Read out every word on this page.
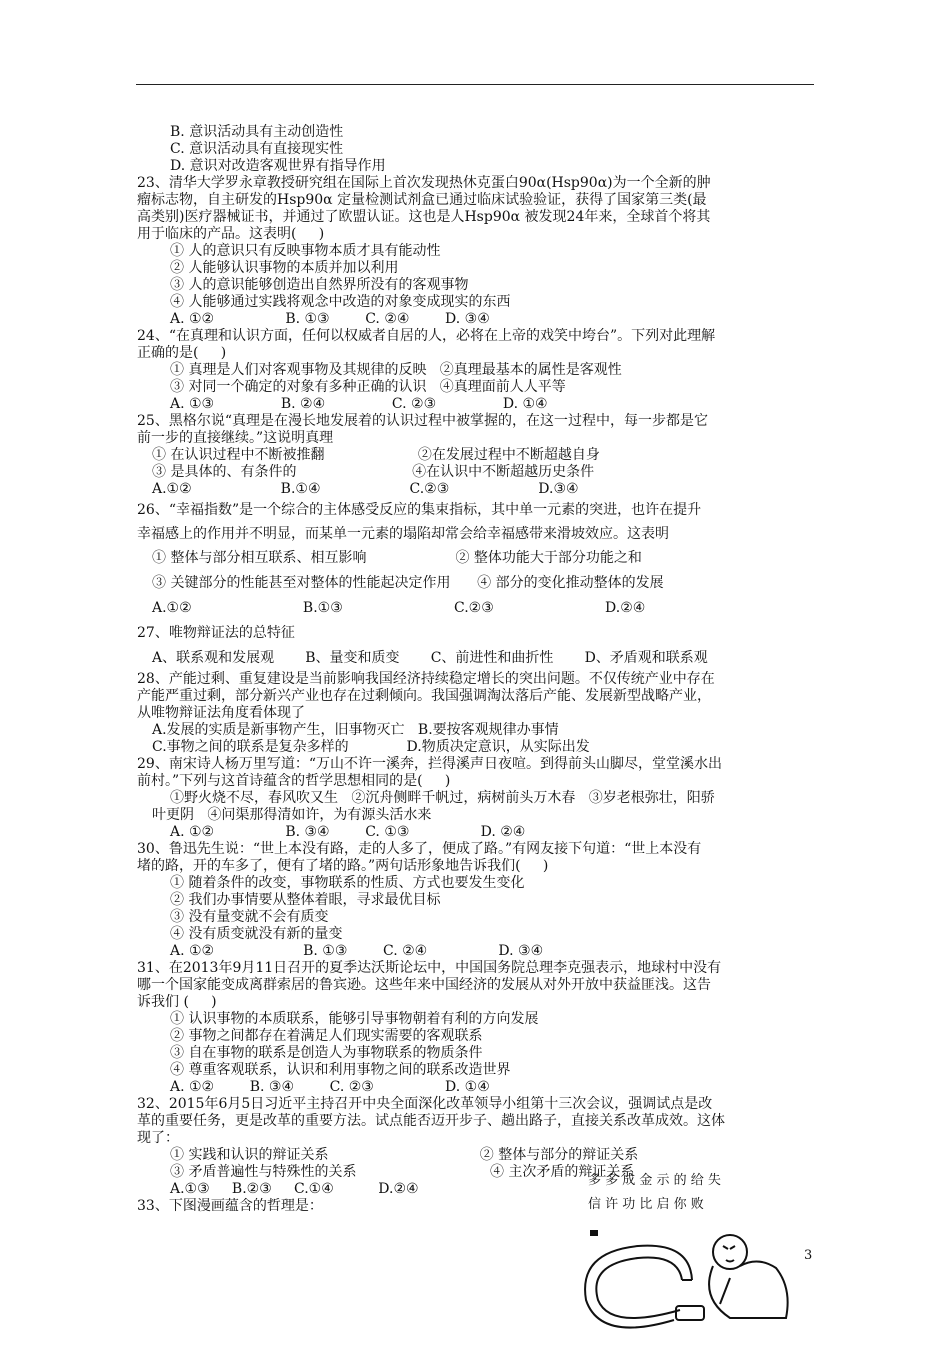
B. 意识活动具有主动创造性
C. 意识活动具有直接现实性
D. 意识对改造客观世界有指导作用
23、清华大学罗永章教授研究组在国际上首次发现热休克蛋白90α(Hsp90α)为一个全新的肿
瘤标志物，自主研发的Hsp90α 定量检测试剂盒已通过临床试验验证，获得了国家第三类(最
高类别)医疗器械证书，并通过了欧盟认证。这也是人Hsp90α 被发现24年来，全球首个将其
用于临床的产品。这表明(     )
① 人的意识只有反映事物本质才具有能动性
② 人能够认识事物的本质并加以利用
③ 人的意识能够创造出自然界所没有的客观事物
④ 人能够通过实践将观念中改造的对象变成现实的东西
A. ①②                B. ①③        C. ②④        D. ③④
24、“在真理和认识方面，任何以权威者自居的人，必将在上帝的戏笑中垮台”。下列对此理解
正确的是(     )
① 真理是人们对客观事物及其规律的反映   ②真理最基本的属性是客观性
③ 对同一个确定的对象有多种正确的认识   ④真理面前人人平等
A. ①③               B. ②④               C. ②③               D. ①④
25、黑格尔说“真理是在漫长地发展着的认识过程中被掌握的，在这一过程中，每一步都是它
前一步的直接继续。”这说明真理
① 在认识过程中不断被推翻                     ②在发展过程中不断超越自身
③ 是具体的、有条件的                          ④在认识中不断超越历史条件
A.①②                    B.①④                    C.②③                    D.③④
26、“幸福指数”是一个综合的主体感受反应的集束指标，其中单一元素的突进，也许在提升
幸福感上的作用并不明显，而某单一元素的塌陷却常会给幸福感带来滑坡效应。这表明
① 整体与部分相互联系、相互影响                    ② 整体功能大于部分功能之和
③ 关键部分的性能甚至对整体的性能起决定作用      ④ 部分的变化推动整体的发展
A.①②                         B.①③                         C.②③                         D.②④
27、唯物辩证法的总特征
A、联系观和发展观       B、量变和质变       C、前进性和曲折性       D、矛盾观和联系观
28、产能过剩、重复建设是当前影响我国经济持续稳定增长的突出问题。不仅传统产业中存在
产能严重过剩，部分新兴产业也存在过剩倾向。我国强调淘汰落后产能、发展新型战略产业，
从唯物辩证法角度看体现了
A.发展的实质是新事物产生，旧事物灭亡   B.要按客观规律办事情
C.事物之间的联系是复杂多样的             D.物质决定意识，从实际出发
29、南宋诗人杨万里写道：“万山不许一溪奔，拦得溪声日夜喧。到得前头山脚尽，堂堂溪水出
前村。”下列与这首诗蕴含的哲学思想相同的是(     )
①野火烧不尽，春风吹又生   ②沉舟侧畔千帆过，病树前头万木春   ③岁老根弥壮，阳骄
叶更阴   ④问渠那得清如许，为有源头活水来
A. ①②                B. ③④        C. ①③                D. ②④
30、鲁迅先生说：“世上本没有路，走的人多了，便成了路。”有网友接下句道：“世上本没有
堵的路，开的车多了，便有了堵的路。”两句话形象地告诉我们(     )
① 随着条件的改变，事物联系的性质、方式也要发生变化
② 我们办事情要从整体着眼，寻求最优目标
③ 没有量变就不会有质变
④ 没有质变就没有新的量变
A. ①②                    B. ①③        C. ②④                D. ③④
31、在2013年9月11日召开的夏季达沃斯论坛中，中国国务院总理李克强表示，地球村中没有
哪一个国家能变成离群索居的鲁宾逊。这些年来中国经济的发展从对外开放中获益匪浅。这告
诉我们 (     )
① 认识事物的本质联系，能够引导事物朝着有利的方向发展
② 事物之间都存在着满足人们现实需要的客观联系
③ 自在事物的联系是创造人为事物联系的物质条件
④ 尊重客观联系，认识和利用事物之间的联系改造世界
A. ①②        B. ③④        C. ②③                D. ①④
32、2015年6月5日习近平主持召开中央全面深化改革领导小组第十三次会议，强调试点是改
革的重要任务，更是改革的重要方法。试点能否迈开步子、趟出路子，直接关系改革成效。这体
现了：
① 实践和认识的辩证关系                                  ② 整体与部分的辩证关系
③ 矛盾普遍性与特殊性的关系                              ④ 主次矛盾的辩证关系
A.①③     B.②③     C.①④          D.②④
33、下图漫画蕴含的哲理是：
多 多 成 金 示 的 给 失
信 许 功 比 启 你 败
3
